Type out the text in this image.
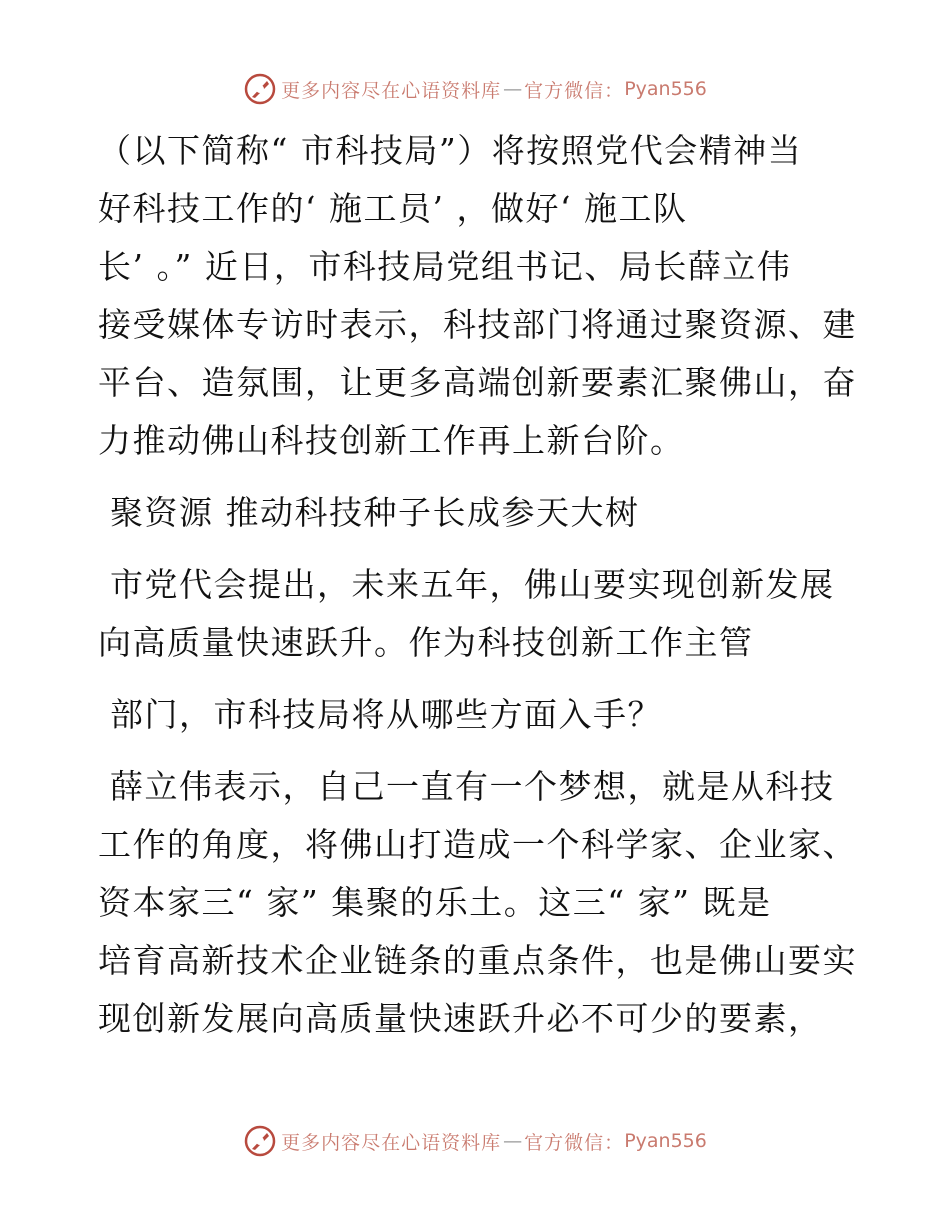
更多内容尽在心语资料库 — 官方微信： Pyan556
（以下简称“ 市科技局”）将按照党代会精神当
好科技工作的‘ 施工员’ ，做好‘ 施工队
长’ 。” 近日，市科技局党组书记、局长薛立伟
接受媒体专访时表示，科技部门将通过聚资源、建
平台、造氛围，让更多高端创新要素汇聚佛山，奋
力推动佛山科技创新工作再上新台阶。
聚资源 推动科技种子长成参天大树
市党代会提出，未来五年，佛山要实现创新发展
向高质量快速跃升。作为科技创新工作主管
部门，市科技局将从哪些方面入手？
薛立伟表示，自己一直有一个梦想，就是从科技
工作的角度，将佛山打造成一个科学家、企业家、
资本家三“ 家” 集聚的乐土。这三“ 家” 既是
培育高新技术企业链条的重点条件，也是佛山要实
现创新发展向高质量快速跃升必不可少的要素，
更多内容尽在心语资料库 — 官方微信： Pyan556
